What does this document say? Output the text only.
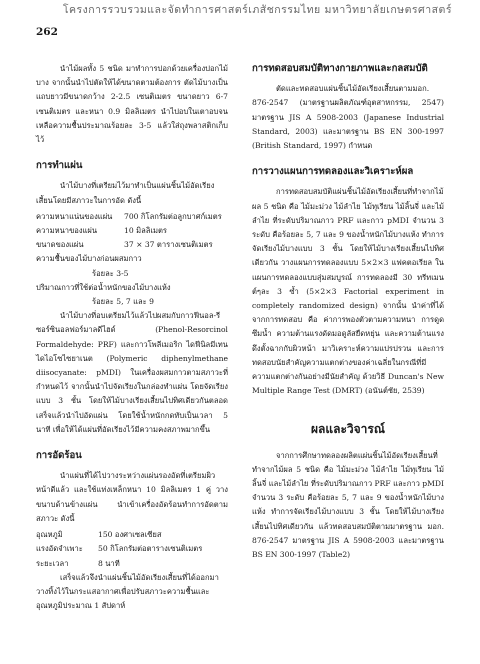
โครงการรวบรวมและจัดทำการศาสตร์เภสัชกรรมไทย มหาวิทยาลัยเกษตรศาสตร์
262

นำไม้ผลทั้ง 5 ชนิด มาทำการปอกด้วยเครื่องปอกไม้บาง จากนั้นนำไปตัดให้ได้ขนาดตามต้องการ ตัดไม้บางเป็นแถบยาวมีขนาดกว้าง 2-2.5 เซนติเมตร ขนาดยาว 6-7 เซนติเมตร และหนา 0.9 มิลลิเมตร นำไปอบในเตาอบจนเหลือความชื้นประมาณร้อยละ 3-5 แล้วใส่ถุงพลาสติกเก็บไว้

การทำแผ่น

นำไม้บางที่เตรียมไว้มาทำเป็นแผ่นชิ้นไม้อัดเรียงเสี้ยนโดยมีสภาวะในการอัด ดังนี้

ความหนาแน่นของแผ่น	700 กิโลกรัมต่อลูกบาศก์เมตร
ความหนาของแผ่น	10 มิลลิเมตร
ขนาดของแผ่น	37 × 37 ตารางเซนติเมตร
ความชื้นของไม้บางก่อนผสมกาว
ร้อยละ 3-5
ปริมาณกาวที่ใช้ต่อน้ำหนักของไม้บางแห้ง
ร้อยละ 5, 7 และ 9

นำไม้บางที่อบเตรียมไว้แล้วไปผสมกับกาวฟีนอล-รีซอร์ซินอลฟอร์มาลดีไฮด์ (Phenol-Resorcinol Formaldehyde: PRF) และกาวโพลีเมอริก ไดฟีนิลมีเทน ไดไอโซไซยาเนต (Polymeric diphenylmethane diisocyanate: pMDI) ในเครื่องผสมกาวตามสภาวะที่กำหนดไว้ จากนั้นนำไปจัดเรียงในกล่องทำแผ่น โดยจัดเรียงแบบ 3 ชั้น โดยให้ไม้บางเรียงเสี้ยนไปทิศเดียวกันตลอด เสร็จแล้วนำไปอัดแผ่น โดยใช้น้ำหนักกดทับเป็นเวลา 5 นาที เพื่อให้ได้แผ่นที่อัดเรียงไว้มีความคงสภาพมากขึ้น

การอัดร้อน

นำแผ่นที่ได้ไปวางระหว่างแผ่นรองอัดที่เตรียมผิวหน้าดีแล้ว และใช้แท่งเหล็กหนา 10 มิลลิเมตร 1 คู่ วางขนาบด้านข้างแผ่น นำเข้าเครื่องอัดร้อนทำการอัดตามสภาวะ ดังนี้

อุณหภูมิ	150 องศาเซลเซียส
แรงอัดจำเพาะ	50 กิโลกรัมต่อตารางเซนติเมตร
ระยะเวลา	8 นาที

เสร็จแล้วจึงนำแผ่นชิ้นไม้อัดเรียงเสี้ยนที่ได้ออกมาวางทิ้งไว้ในกระแสอากาศเพื่อปรับสภาวะความชื้นและอุณหภูมิประมาณ 1 สัปดาห์

การทดสอบสมบัติทางกายภาพและกลสมบัติ

ตัดและทดสอบแผ่นชิ้นไม้อัดเรียงเสี้ยนตามมอก. 876-2547 (มาตรฐานผลิตภัณฑ์อุตสาหกรรม, 2547) มาตรฐาน JIS A 5908-2003 (Japanese Industrial Standard, 2003) และมาตรฐาน BS EN 300-1997 (British Standard, 1997) กำหนด

การวางแผนการทดลองและวิเคราะห์ผล

การทดสอบสมบัติแผ่นชิ้นไม้อัดเรียงเสี้ยนที่ทำจากไม้ผล 5 ชนิด คือ ไม้มะม่วง ไม้ลำไย ไม้ทุเรียน ไม้ลิ้นจี่ และไม้ลำไย ที่ระดับปริมาณกาว PRF และกาว pMDI จำนวน 3 ระดับ คือร้อยละ 5, 7 และ 9 ของน้ำหนักไม้บางแห้ง ทำการจัดเรียงไม้บางแบบ 3 ชั้น โดยให้ไม้บางเรียงเสี้ยนไปทิศเดียวกัน วางแผนการทดลองแบบ 5×2×3 แฟคตอเรียล ในแผนการทดลองแบบสุ่มสมบูรณ์ การทดลองมี 30 ทรีทเมนต์ๆละ 3 ซ้ำ (5×2×3 Factorial experiment in completely randomized design) จากนั้น นำค่าที่ได้จากการทดสอบ คือ ค่าการพองตัวตามความหนา การดูดซึมน้ำ ความต้านแรงดัดมอดูลัสยืดหยุ่น และความต้านแรงดึงตั้งฉากกับผิวหน้า มาวิเคราะห์ความแปรปรวน และการทดสอบนัยสำคัญความแตกต่างของค่าเฉลี่ยในกรณีที่มีความแตกต่างกันอย่างมีนัยสำคัญ ด้วยวิธี Duncan's New Multiple Range Test (DMRT) (อนันต์ชัย, 2539)

ผลและวิจารณ์

จากการศึกษาทดลองผลิตแผ่นชิ้นไม้อัดเรียงเสี้ยนที่ทำจากไม้ผล 5 ชนิด คือ ไม้มะม่วง ไม้ลำไย ไม้ทุเรียน ไม้ลิ้นจี่ และไม้ลำไย ที่ระดับปริมาณกาว PRF และกาว pMDI จำนวน 3 ระดับ คือร้อยละ 5, 7 และ 9 ของน้ำหนักไม้บางแห้ง ทำการจัดเรียงไม้บางแบบ 3 ชั้น โดยให้ไม้บางเรียงเสี้ยนไปทิศเดียวกัน แล้วทดสอบสมบัติตามมาตรฐาน มอก. 876-2547 มาตรฐาน JIS A 5908-2003 และมาตรฐาน BS EN 300-1997 (Table2)
